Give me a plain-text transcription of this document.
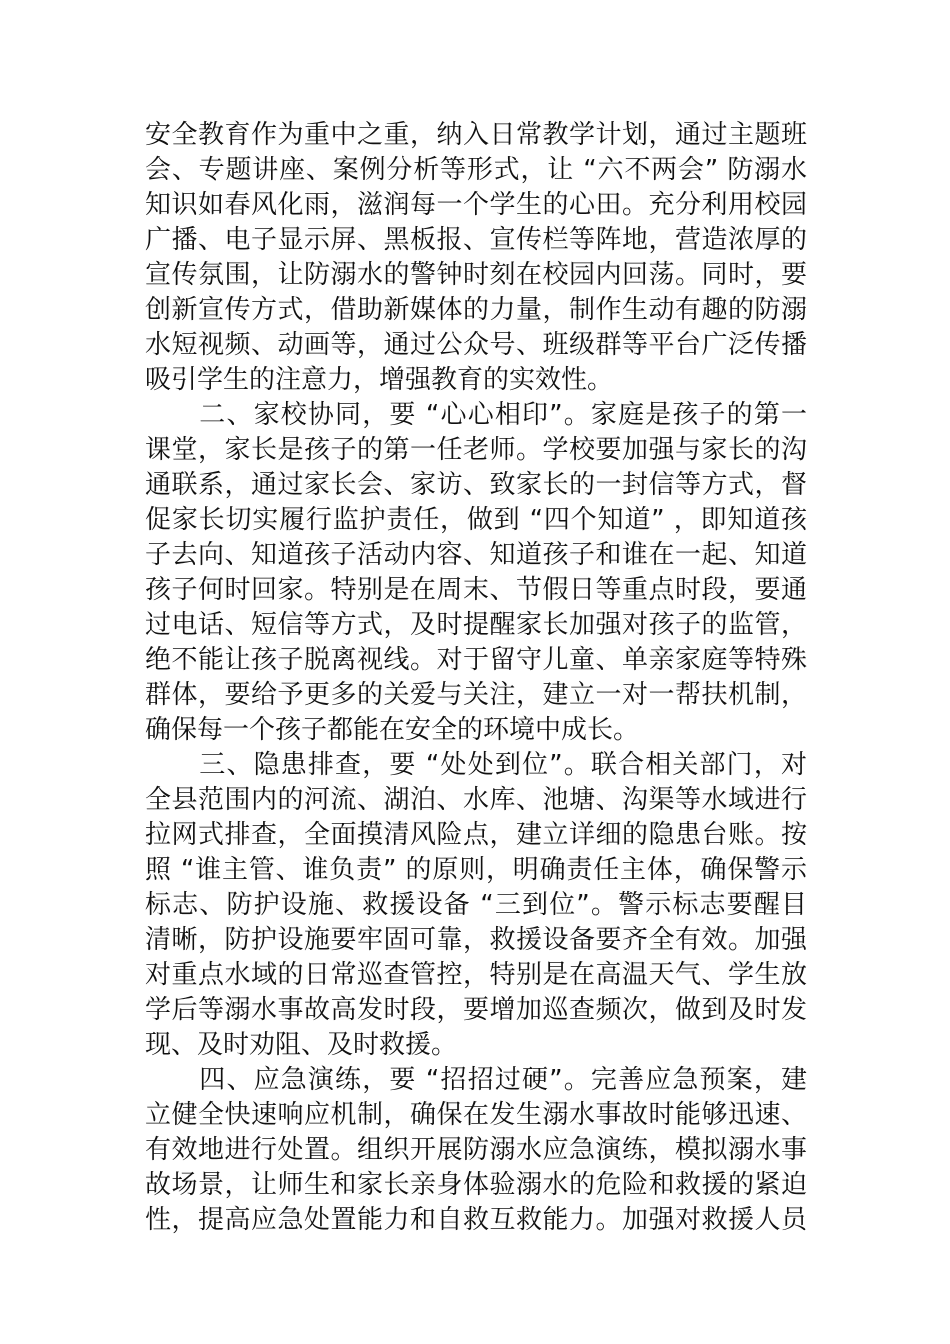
安全教育作为重中之重，纳入日常教学计划，通过主题班
会、专题讲座、案例分析等形式，让 “六不两会” 防溺水
知识如春风化雨，滋润每一个学生的心田。充分利用校园
广播、电子显示屏、黑板报、宣传栏等阵地，营造浓厚的
宣传氛围，让防溺水的警钟时刻在校园内回荡。同时，要
创新宣传方式，借助新媒体的力量，制作生动有趣的防溺
水短视频、动画等，通过公众号、班级群等平台广泛传播
吸引学生的注意力，增强教育的实效性。
　　二、家校协同，要 “心心相印”。家庭是孩子的第一
课堂，家长是孩子的第一任老师。学校要加强与家长的沟
通联系，通过家长会、家访、致家长的一封信等方式，督
促家长切实履行监护责任，做到 “四个知道” ，即知道孩
子去向、知道孩子活动内容、知道孩子和谁在一起、知道
孩子何时回家。特别是在周末、节假日等重点时段，要通
过电话、短信等方式，及时提醒家长加强对孩子的监管，
绝不能让孩子脱离视线。对于留守儿童、单亲家庭等特殊
群体，要给予更多的关爱与关注，建立一对一帮扶机制，
确保每一个孩子都能在安全的环境中成长。
　　三、隐患排查，要 “处处到位”。联合相关部门，对
全县范围内的河流、湖泊、水库、池塘、沟渠等水域进行
拉网式排查，全面摸清风险点，建立详细的隐患台账。按
照 “谁主管、谁负责” 的原则，明确责任主体，确保警示
标志、防护设施、救援设备 “三到位”。警示标志要醒目
清晰，防护设施要牢固可靠，救援设备要齐全有效。加强
对重点水域的日常巡查管控，特别是在高温天气、学生放
学后等溺水事故高发时段，要增加巡查频次，做到及时发
现、及时劝阻、及时救援。
　　四、应急演练，要 “招招过硬”。完善应急预案，建
立健全快速响应机制，确保在发生溺水事故时能够迅速、
有效地进行处置。组织开展防溺水应急演练，模拟溺水事
故场景，让师生和家长亲身体验溺水的危险和救援的紧迫
性，提高应急处置能力和自救互救能力。加强对救援人员
